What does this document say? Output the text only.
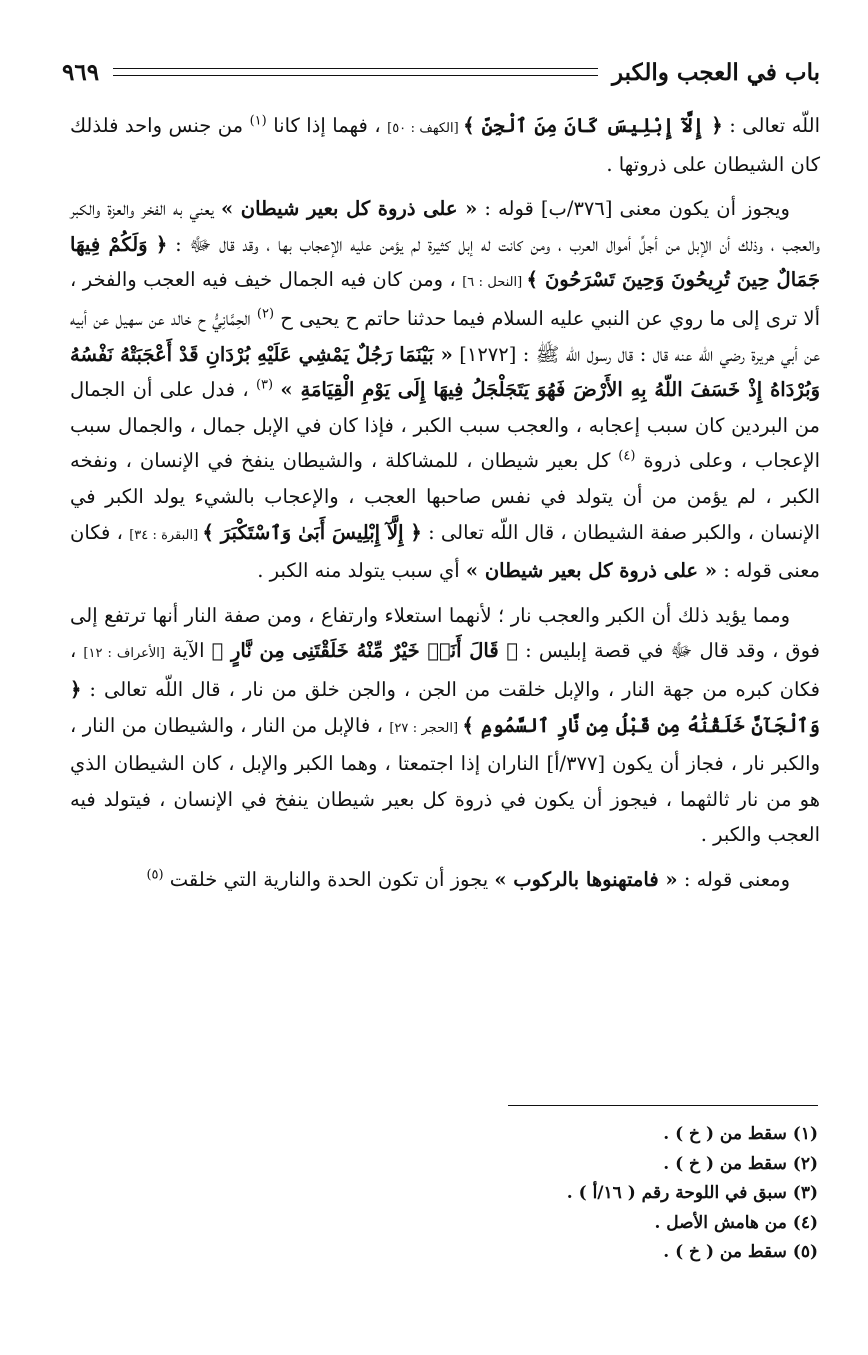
باب في العجب والكبر
٩٦٩

اللّه تعالى : ﴿ إِلَّآ إِبْلِيسَ كَانَ مِنَ ٱلْجِنِّ ﴾ [الكهف : ٥٠] ، فهما إذا كانا $^{(١)}$ من جنس واحد فلذلك كان الشيطان على ذروتها .

ويجوز أن يكون معنى [٣٧٦/ب] قوله : « على ذروة كل بعير شيطان » يعني به الفخر والعزة والكبر والعجب ، وذلك أن الإبل من أجلِّ أموال العرب ، ومن كانت له إبل كثيرة لم يؤمن عليه الإعجاب بها ، وقد قال ﷻ : ﴿ وَلَكُمْ فِيهَا جَمَالٌ حِينَ تُرِيحُونَ وَحِينَ تَسْرَحُونَ ﴾ [النحل : ٦] ، ومن كان فيه الجمال خيف فيه العجب والفخر ، ألا ترى إلى ما روي عن النبي عليه السلام فيما حدثنا حاتم ح يحيى ح $^{(٢)}$ الحِمَّانِيُّ ح خالد عن سهيل عن أبيه عن أبي هريرة رضي الله عنه قال : قال رسول اللّه ﷺ : [١٢٧٢] « بَيْنَمَا رَجُلٌ يَمْشِي عَلَيْهِ بُرْدَانِ قَدْ أَعْجَبَتْهُ نَفْسُهُ وَبُرْدَاهُ إِذْ خَسَفَ اللّهُ بِهِ الأَرْضَ فَهُوَ يَتَجَلْجَلُ فِيهَا إِلَى يَوْمِ الْقِيَامَةِ » $^{(٣)}$ ، فدل على أن الجمال من البردين كان سبب إعجابه ، والعجب سبب الكبر ، فإذا كان في الإبل جمال ، والجمال سبب الإعجاب ، وعلى ذروة $^{(٤)}$ كل بعير شيطان ، للمشاكلة ، والشيطان ينفخ في الإنسان ، ونفخه الكبر ، لم يؤمن من أن يتولد في نفس صاحبها العجب ، والإعجاب بالشيء يولد الكبر في الإنسان ، والكبر صفة الشيطان ، قال اللّه تعالى : ﴿ إِلَّآ إِبْلِيسَ أَبَىٰ وَٱسْتَكْبَرَ ﴾ [البقرة : ٣٤] ، فكان معنى قوله : « على ذروة كل بعير شيطان » أي سبب يتولد منه الكبر .

ومما يؤيد ذلك أن الكبر والعجب نار ؛ لأنهما استعلاء وارتفاع ، ومن صفة النار أنها ترتفع إلى فوق ، وقد قال ﷻ في قصة إبليس : ﴿ قَالَ أَنَا۠ خَيْرٌ مِّنْهُ خَلَقْتَنِى مِن نَّارٍ ﴾ الآية [الأعراف : ١٢] ، فكان كبره من جهة النار ، والإبل خلقت من الجن ، والجن خلق من نار ، قال اللّه تعالى : ﴿ وَٱلْجَآنَّ خَلَقْنَٰهُ مِن قَبْلُ مِن نَّارِ ٱلسَّمُومِ ﴾ [الحجر : ٢٧] ، فالإبل من النار ، والشيطان من النار ، والكبر نار ، فجاز أن يكون [٣٧٧/أ] الناران إذا اجتمعتا ، وهما الكبر والإبل ، كان الشيطان الذي هو من نار ثالثهما ، فيجوز أن يكون في ذروة كل بعير شيطان ينفخ في الإنسان ، فيتولد فيه العجب والكبر .

ومعنى قوله : « فامتهنوها بالركوب » يجوز أن تكون الحدة والنارية التي خلقت $^{(٥)}$

(١) سقط من ( خ ) .
(٢) سقط من ( خ ) .
(٣) سبق في اللوحة رقم ( ١٦/أ ) .
(٤) من هامش الأصل .
(٥) سقط من ( خ ) .
